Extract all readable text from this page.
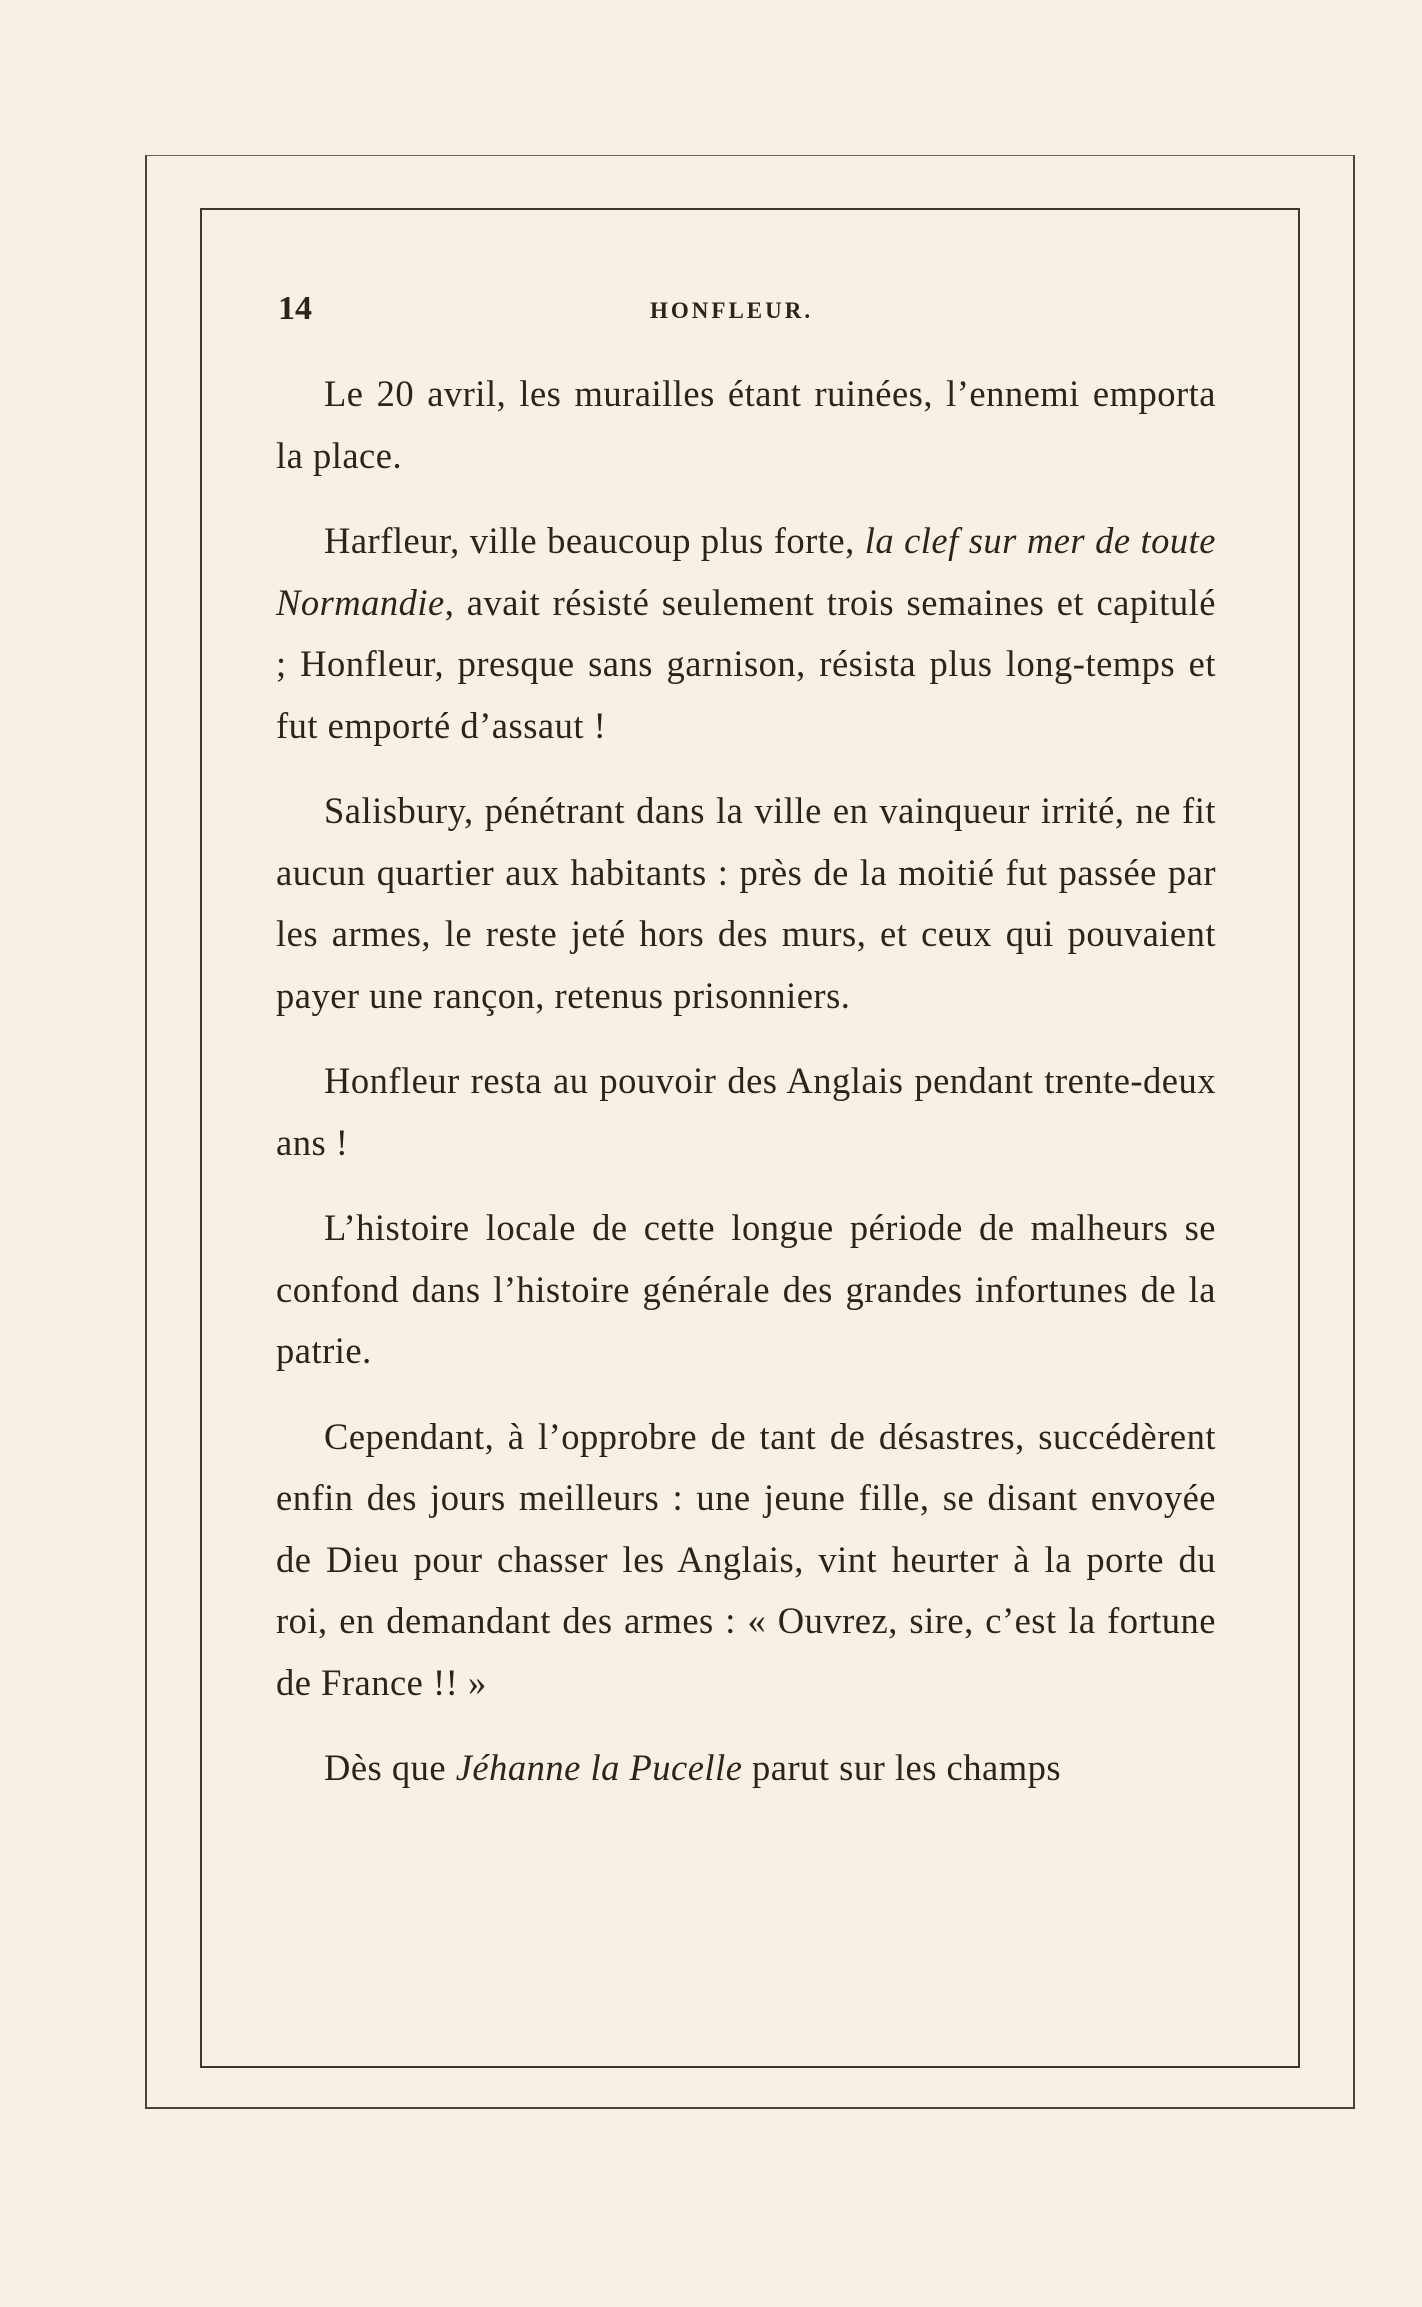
14	HONFLEUR.

Le 20 avril, les murailles étant ruinées, l’ennemi emporta la place.

Harfleur, ville beaucoup plus forte, la clef sur mer de toute Normandie, avait résisté seulement trois semaines et capitulé ; Honfleur, presque sans garnison, résista plus long-temps et fut emporté d’assaut !

Salisbury, pénétrant dans la ville en vainqueur irrité, ne fit aucun quartier aux habitants : près de la moitié fut passée par les armes, le reste jeté hors des murs, et ceux qui pouvaient payer une rançon, retenus prisonniers.

Honfleur resta au pouvoir des Anglais pendant trente-deux ans !

L’histoire locale de cette longue période de malheurs se confond dans l’histoire générale des grandes infortunes de la patrie.

Cependant, à l’opprobre de tant de désastres, succédèrent enfin des jours meilleurs : une jeune fille, se disant envoyée de Dieu pour chasser les Anglais, vint heurter à la porte du roi, en demandant des armes : « Ouvrez, sire, c’est la fortune de France !! »

Dès que Jéhanne la Pucelle parut sur les champs
